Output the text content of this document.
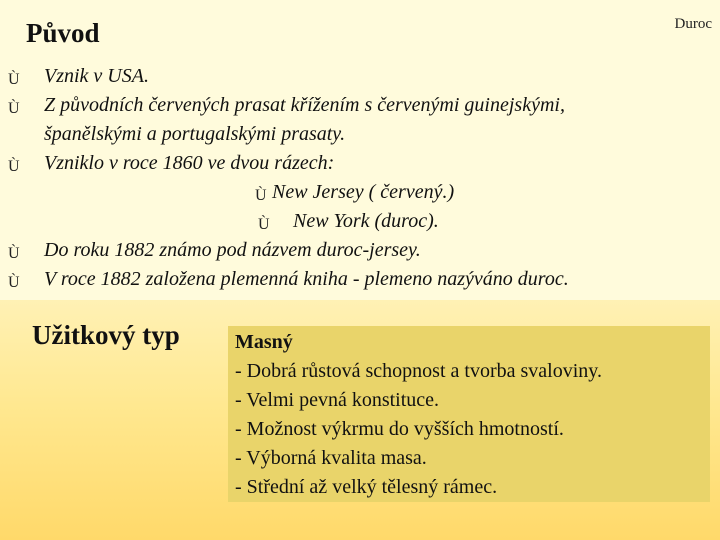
Původ	Duroc
Ù Vznik v USA.
Ù Z původních červených prasat křížením s červenými guinejskými,
španělskými a portugalskými prasaty.
Ù Vzniklo v roce 1860 ve dvou rázech:
Ù New Jersey ( červený.)
Ù New York (duroc).
Ù Do roku 1882 známo pod názvem duroc-jersey.
Ù V roce 1882 založena plemenná kniha - plemeno nazýváno duroc.
Užitkový typ	Masný
- Dobrá růstová schopnost a tvorba svaloviny.
- Velmi pevná konstituce.
- Možnost výkrmu do vyšších hmotností.
- Výborná kvalita masa.
- Střední až velký tělesný rámec.
